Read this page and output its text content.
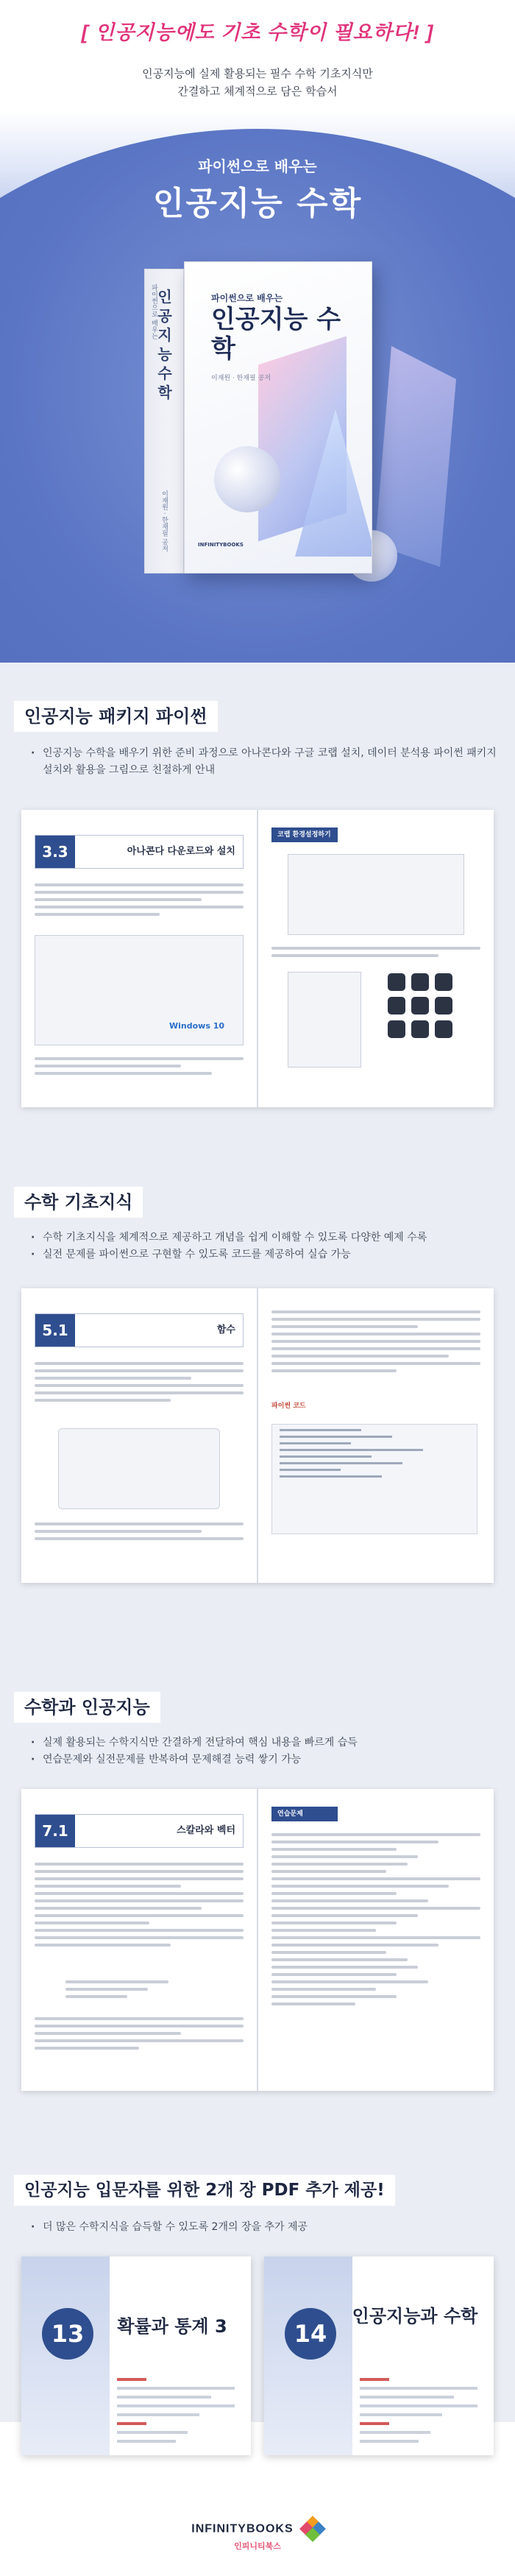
[ 인공지능에도 기초 수학이 필요하다! ]
인공지능에 실제 활용되는 필수 수학 기초지식만
간결하고 체계적으로 담은 학습서
파이썬으로 배우는
인공지능 수학
파이썬으로 배우는 인공지능 수학
이재원 · 한재필 공저
파이썬으로 배우는
인공지능 수학
이재원 · 한재필 공저
INFINITYBOOKS
인공지능 패키지 파이썬
· 인공지능 수학을 배우기 위한 준비 과정으로 아나콘다와 구글 코랩 설치, 데이터 분석용 파이썬 패키지 설치와 활용을 그림으로 친절하게 안내
3.3	아나콘다 다운로드와 설치
Windows 10
코랩 환경설정하기
수학 기초지식
· 수학 기초지식을 체계적으로 제공하고 개념을 쉽게 이해할 수 있도록 다양한 예제 수록
· 실전 문제를 파이썬으로 구현할 수 있도록 코드를 제공하여 실습 가능
5.1	함수
파이썬 코드
수학과 인공지능
· 실제 활용되는 수학지식만 간결하게 전달하여 핵심 내용을 빠르게 습득
· 연습문제와 실전문제를 반복하여 문제해결 능력 쌓기 가능
7.1	스칼라와 벡터
연습문제
인공지능 입문자를 위한 2개 장 PDF 추가 제공!
· 더 많은 수학지식을 습득할 수 있도록 2개의 장을 추가 제공
13	확률과 통계 3	14
인공지능과 수학
INFINITYBOOKS
인피니티북스
